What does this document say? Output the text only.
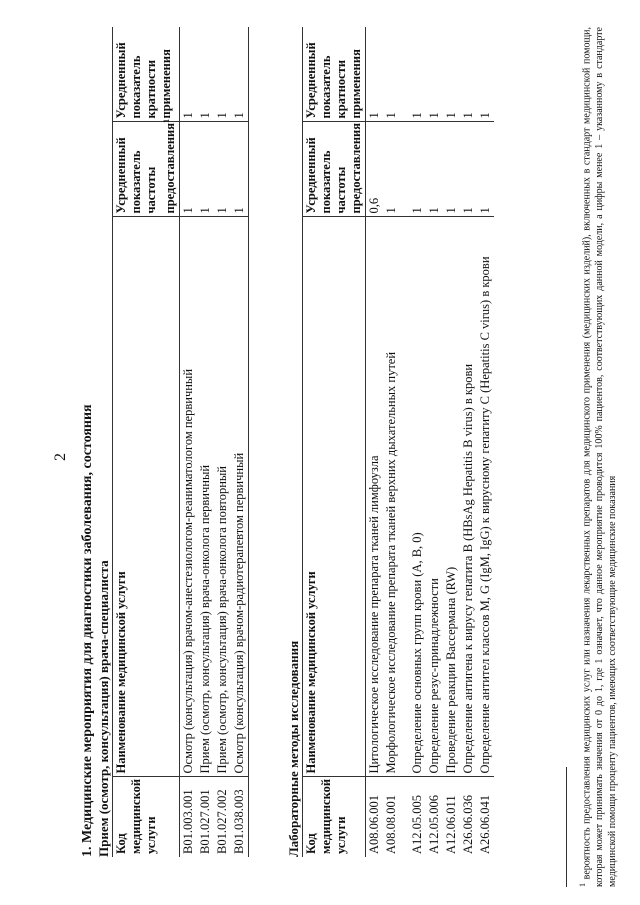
2 1. Медицинские мероприятия для диагностики заболевания, состояния Прием (осмотр, консультация) врача-специалиста Код медицинской услуги	Наименование медицинской услуги	Усредненный показатель частоты предоставления$^1$	Усредненный показатель кратности применения
B01.003.001	Осмотр (консультация) врачом-анестезиологом-реаниматологом первичный	1	1
B01.027.001	Прием (осмотр, консультация) врача-онколога первичный	1	1
B01.027.002	Прием (осмотр, консультация) врача-онколога повторный	1	1
B01.038.003	Осмотр (консультация) врачом-радиотерапевтом первичный	1	1
Лабораторные методы исследования Код медицинской услуги	Наименование медицинской услуги	Усредненный показатель частоты предоставления	Усредненный показатель кратности применения
A08.06.001	Цитологическое исследование препарата тканей лимфоузла	0,6	1
A08.08.001	Морфологическое исследование препарата тканей верхних дыхательных путей	1	1
A12.05.005	Определение основных групп крови (A, B, 0)	1	1
A12.05.006	Определение резус-принадлежности	1	1
A12.06.011	Проведение реакции Вассермана (RW)	1	1
A26.06.036	Определение антигена к вирусу гепатита B (HBsAg Hepatitis B virus) в крови	1	1
A26.06.041	Определение антител классов M, G (IgM, IgG) к вирусному гепатиту C (Hepatitis C virus) в крови	1	1
$^1$ вероятность предоставления медицинских услуг или назначения лекарственных препаратов для медицинского применения (медицинских изделий), включенных в стандарт медицинской помощи, которая может принимать значения от 0 до 1, где 1 означает, что данное мероприятие проводится 100% пациентов, соответствующих данной модели, а цифры менее 1 – указанному в стандарте медицинской помощи проценту пациентов, имеющих соответствующие медицинские показания
